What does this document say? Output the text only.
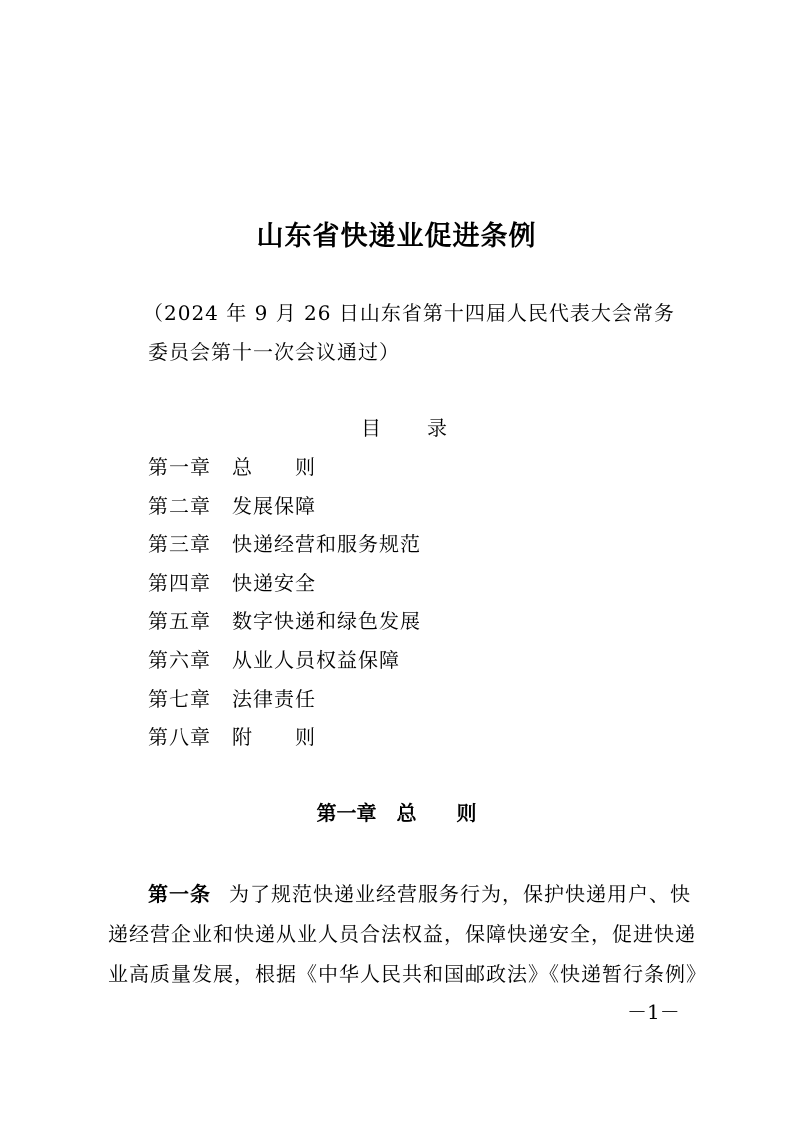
山东省快递业促进条例
（2024 年 9 月 26 日山东省第十四届人民代表大会常务
委员会第十一次会议通过）
目 录
第一章 总　　则
第二章 发展保障
第三章 快递经营和服务规范
第四章 快递安全
第五章 数字快递和绿色发展
第六章 从业人员权益保障
第七章 法律责任
第八章 附　　则
第一章　总　　则
第一条 为了规范快递业经营服务行为，保护快递用户、快
递经营企业和快递从业人员合法权益，保障快递安全，促进快递
业高质量发展，根据《中华人民共和国邮政法》《快递暂行条例》
－1－
